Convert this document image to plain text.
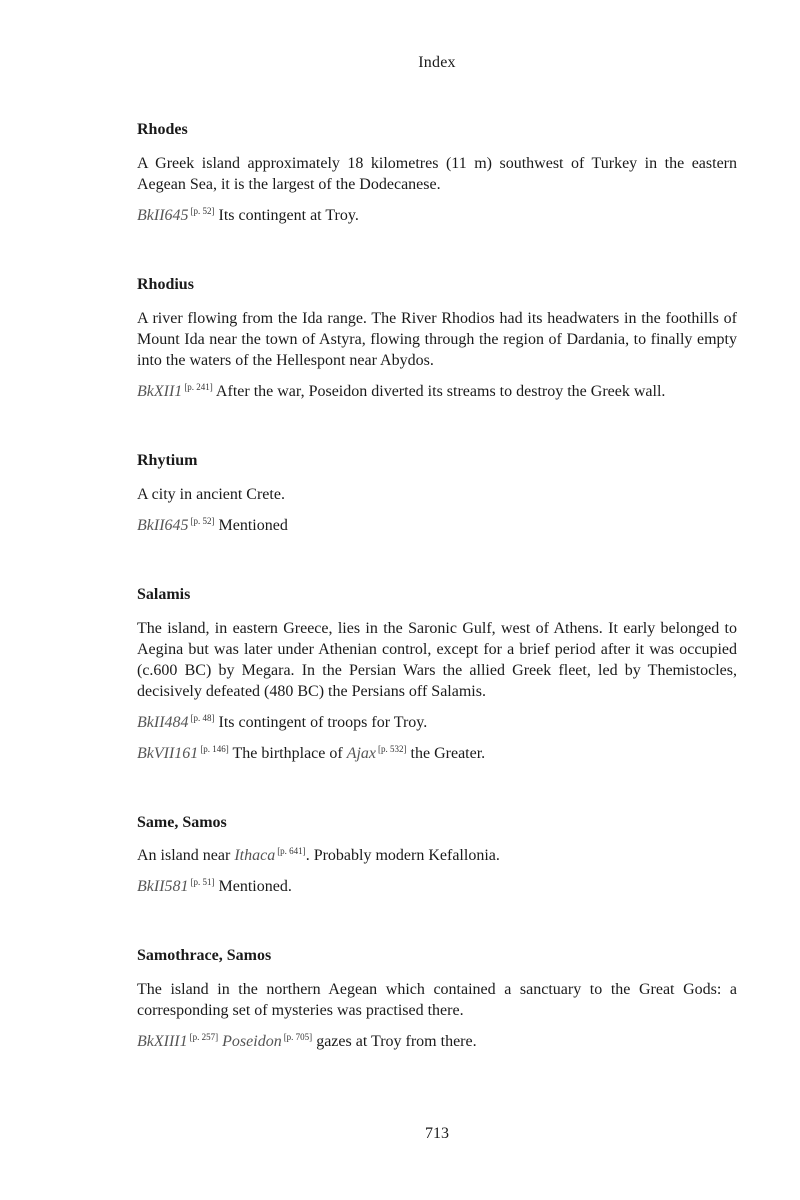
Index
Rhodes

A Greek island approximately 18 kilometres (11 m) southwest of Turkey in the eastern Aegean Sea, it is the largest of the Dodecanese.

BkII645 [p. 52] Its contingent at Troy.

Rhodius

A river flowing from the Ida range. The River Rhodios had its headwaters in the foothills of Mount Ida near the town of Astyra, flowing through the region of Dardania, to finally empty into the waters of the Hellespont near Abydos.

BkXII1 [p. 241] After the war, Poseidon diverted its streams to destroy the Greek wall.

Rhytium

A city in ancient Crete.

BkII645 [p. 52] Mentioned

Salamis

The island, in eastern Greece, lies in the Saronic Gulf, west of Athens. It early belonged to Aegina but was later under Athenian control, except for a brief period after it was occupied (c.600 BC) by Megara. In the Persian Wars the allied Greek fleet, led by Themistocles, decisively defeated (480 BC) the Persians off Salamis.

BkII484 [p. 48] Its contingent of troops for Troy.

BkVII161 [p. 146] The birthplace of Ajax [p. 532] the Greater.

Same, Samos

An island near Ithaca [p. 641]. Probably modern Kefallonia.

BkII581 [p. 51] Mentioned.

Samothrace, Samos

The island in the northern Aegean which contained a sanctuary to the Great Gods: a corresponding set of mysteries was practised there.

BkXIII1 [p. 257] Poseidon [p. 705] gazes at Troy from there.

713
